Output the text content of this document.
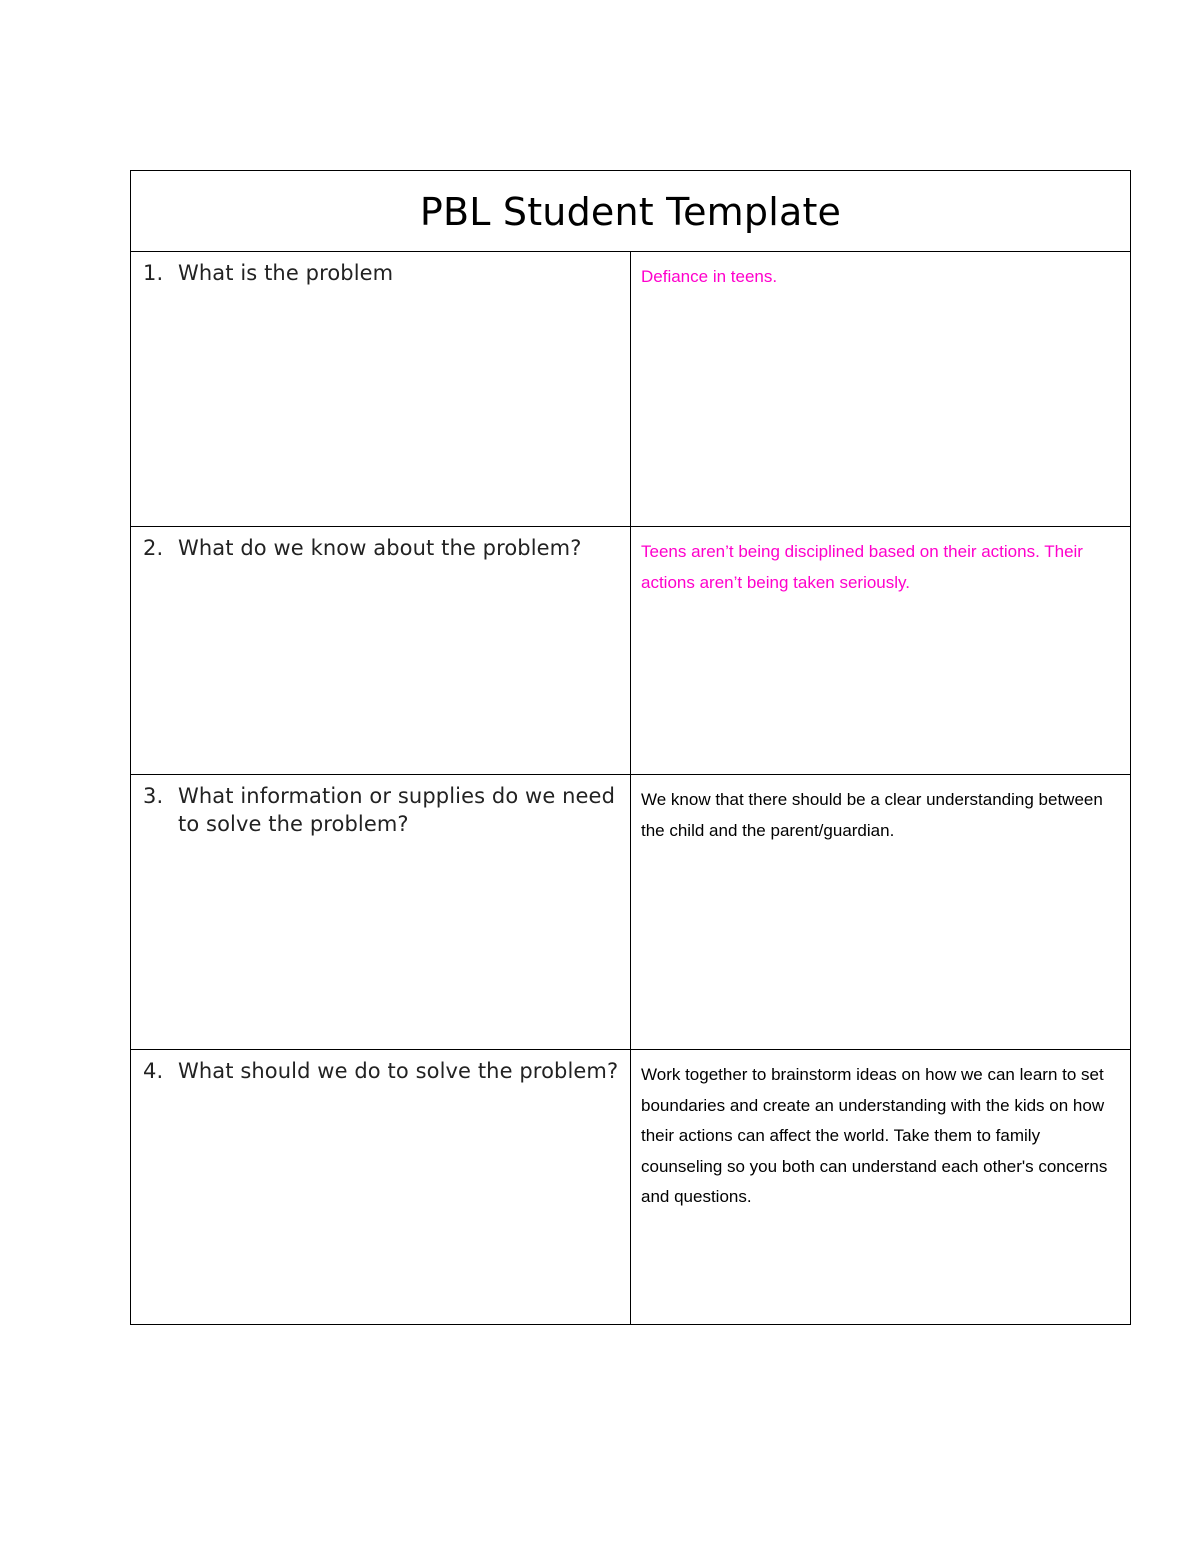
PBL Student Template	

1. What is the problem	Defiance in teens.

2. What do we know about the problem?	Teens aren’t being disciplined based on their actions. Their actions aren’t being taken seriously.

3. What information or supplies do we need to solve the problem?	We know that there should be a clear understanding between the child and the parent/guardian.

4. What should we do to solve the problem?	Work together to brainstorm ideas on how we can learn to set boundaries and create an understanding with the kids on how their actions can affect the world. Take them to family counseling so you both can understand each other's concerns and questions.
